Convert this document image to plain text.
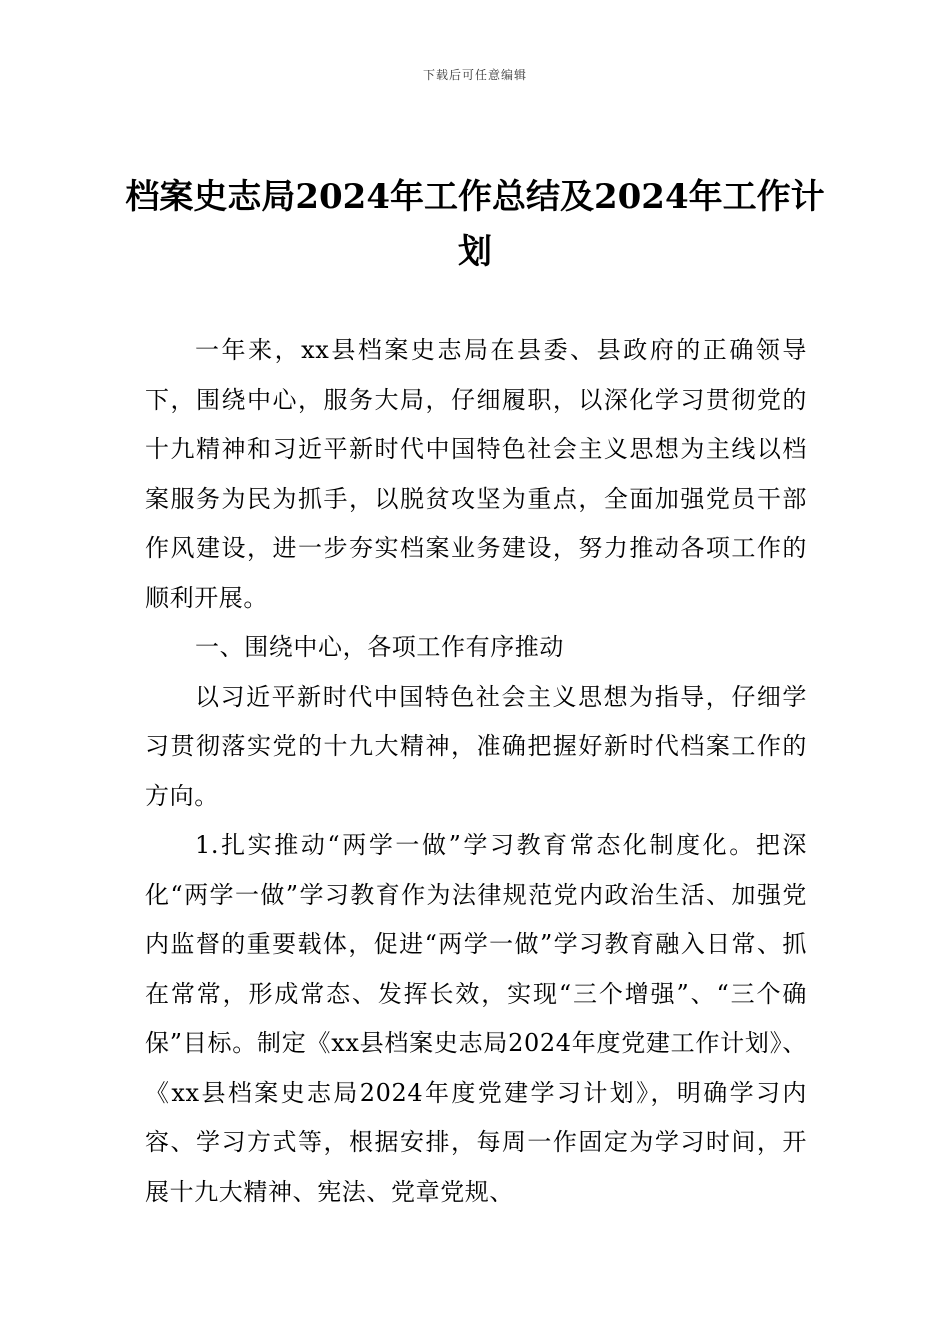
下载后可任意编辑
档案史志局2024年工作总结及2024年工作计划

一年来，xx县档案史志局在县委、县政府的正确领导下，围绕中心，服务大局，仔细履职，以深化学习贯彻党的十九精神和习近平新时代中国特色社会主义思想为主线以档案服务为民为抓手，以脱贫攻坚为重点，全面加强党员干部作风建设，进一步夯实档案业务建设，努力推动各项工作的顺利开展。

一、围绕中心，各项工作有序推动

以习近平新时代中国特色社会主义思想为指导，仔细学习贯彻落实党的十九大精神，准确把握好新时代档案工作的方向。

1.扎实推动“两学一做”学习教育常态化制度化。把深化“两学一做”学习教育作为法律规范党内政治生活、加强党内监督的重要载体，促进“两学一做”学习教育融入日常、抓在常常，形成常态、发挥长效，实现“三个增强”、“三个确保”目标。制定《xx县档案史志局2024年度党建工作计划》、《xx县档案史志局2024年度党建学习计划》，明确学习内容、学习方式等，根据安排，每周一作固定为学习时间，开展十九大精神、宪法、党章党规、
